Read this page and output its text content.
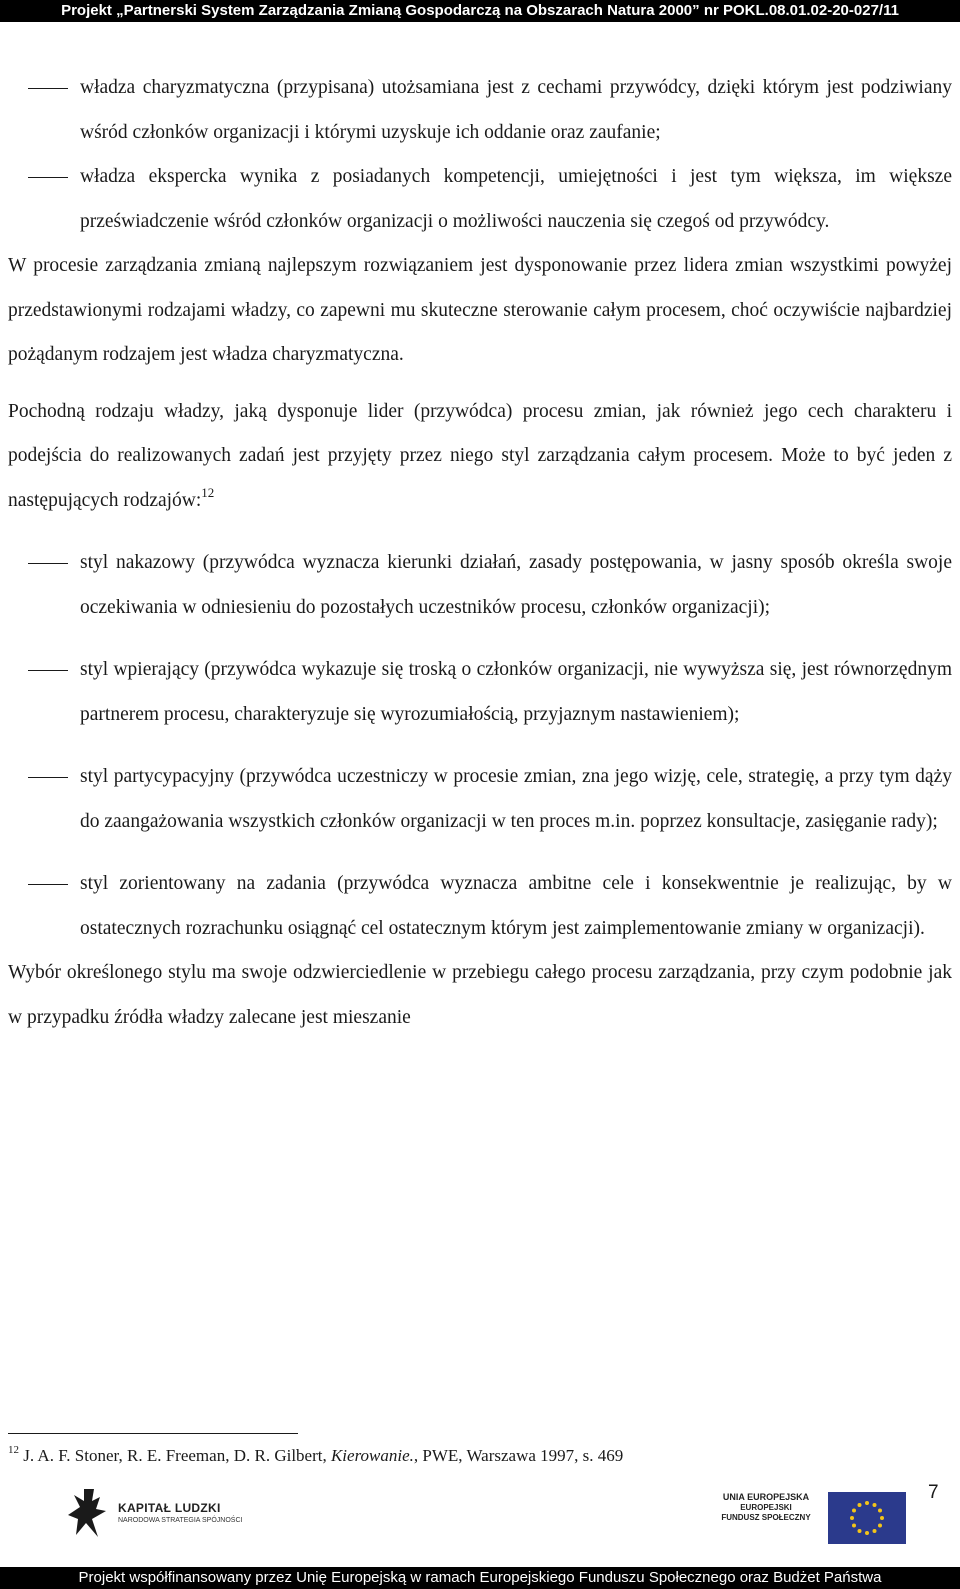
Projekt „Partnerski System Zarządzania Zmianą Gospodarczą na Obszarach Natura 2000” nr POKL.08.01.02-20-027/11
władza charyzmatyczna (przypisana) utożsamiana jest z cechami przywódcy, dzięki którym jest podziwiany wśród członków organizacji i którymi uzyskuje ich oddanie oraz zaufanie;
władza ekspercka wynika z posiadanych kompetencji, umiejętności i jest tym większa, im większe przeświadczenie wśród członków organizacji o możliwości nauczenia się czegoś od przywódcy.
W procesie zarządzania zmianą najlepszym rozwiązaniem jest dysponowanie przez lidera zmian wszystkimi powyżej przedstawionymi rodzajami władzy, co zapewni mu skuteczne sterowanie całym procesem, choć oczywiście najbardziej pożądanym rodzajem jest władza charyzmatyczna.
Pochodną rodzaju władzy, jaką dysponuje lider (przywódca) procesu zmian, jak również jego cech charakteru i podejścia do realizowanych zadań jest przyjęty przez niego styl zarządzania całym procesem. Może to być jeden z następujących rodzajów:$^{12}$
styl nakazowy (przywódca wyznacza kierunki działań, zasady postępowania, w jasny sposób określa swoje oczekiwania w odniesieniu do pozostałych uczestników procesu, członków organizacji);
styl wpierający (przywódca wykazuje się troską o członków organizacji, nie wywyższa się, jest równorzędnym partnerem procesu, charakteryzuje się wyrozumiałością, przyjaznym nastawieniem);
styl partycypacyjny (przywódca uczestniczy w procesie zmian, zna jego wizję, cele, strategię, a przy tym dąży do zaangażowania wszystkich członków organizacji w ten proces m.in. poprzez konsultacje, zasięganie rady);
styl zorientowany na zadania (przywódca wyznacza ambitne cele i konsekwentnie je realizując, by w ostatecznych rozrachunku osiągnąć cel ostatecznym którym jest zaimplementowanie zmiany w organizacji).
Wybór określonego stylu ma swoje odzwierciedlenie w przebiegu całego procesu zarządzania, przy czym podobnie jak w przypadku źródła władzy zalecane jest mieszanie
$^{12}$ J. A. F. Stoner, R. E. Freeman, D. R. Gilbert, Kierowanie., PWE, Warszawa 1997, s. 469
7
KAPITAŁ LUDZKI
NARODOWA STRATEGIA SPÓJNOŚCI
UNIA EUROPEJSKA
EUROPEJSKI
FUNDUSZ SPOŁECZNY
Projekt współfinansowany przez Unię Europejską w ramach Europejskiego Funduszu Społecznego oraz Budżet Państwa
